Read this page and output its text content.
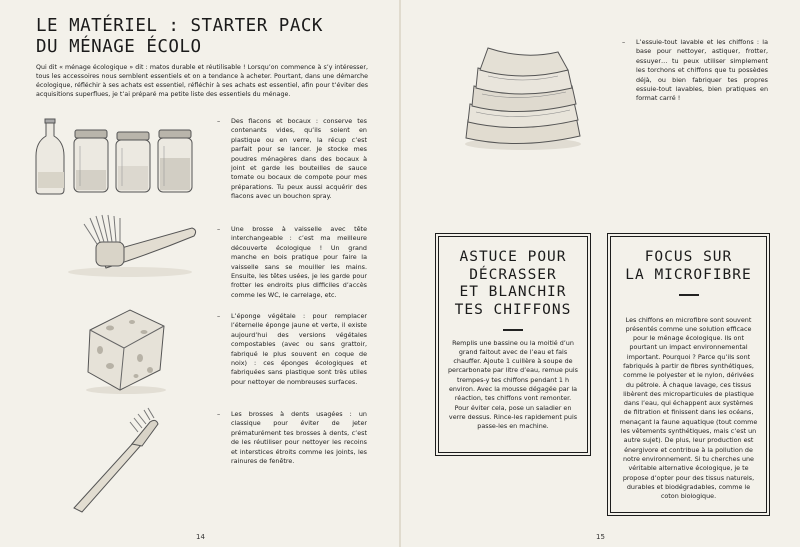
LE MATÉRIEL : STARTER PACK
DU MÉNAGE ÉCOLO
Qui dit « ménage écologique » dit : matos durable et réutilisable ! Lorsqu’on commence à s’y intéresser, tous les accessoires nous semblent essentiels et on a tendance à acheter. Pourtant, dans une démarche écologique, réfléchir à ses achats est essentiel, réfléchir à ses achats est essentiel, afin pour t’éviter des acquisitions superflues, je t’ai préparé ma petite liste des essentiels du ménage.
– Des flacons et bocaux : conserve tes contenants vides, qu’ils soient en plastique ou en verre, la récup c’est parfait pour se lancer. Je stocke mes poudres ménagères dans des bocaux à joint et garde les bouteilles de sauce tomate ou bocaux de compote pour mes préparations. Tu peux aussi acquérir des flacons avec un bouchon spray.
– Une brosse à vaisselle avec tête interchangeable : c’est ma meilleure découverte écologique ! Un grand manche en bois pratique pour faire la vaisselle sans se mouiller les mains. Ensuite, les têtes usées, je les garde pour frotter les endroits plus difficiles d’accès comme les WC, le carrelage, etc.
– L’éponge végétale : pour remplacer l’éternelle éponge jaune et verte, il existe aujourd’hui des versions végétales compostables (avec ou sans grattoir, fabriqué le plus souvent en coque de noix) : ces éponges écologiques et fabriquées sans plastique sont très utiles pour nettoyer de nombreuses surfaces.
– Les brosses à dents usagées : un classique pour éviter de jeter prématurément tes brosses à dents, c’est de les réutiliser pour nettoyer les recoins et interstices étroits comme les joints, les rainures de fenêtre.
14
– L’essuie-tout lavable et les chiffons : la base pour nettoyer, astiquer, frotter, essuyer… tu peux utiliser simplement les torchons et chiffons que tu possèdes déjà, ou bien fabriquer tes propres essuie-tout lavables, bien pratiques en format carré !
ASTUCE POUR
DÉCRASSER
ET BLANCHIR
TES CHIFFONS

Remplis une bassine ou la moitié d’un grand faitout avec de l’eau et fais chauffer. Ajoute 1 cuillère à soupe de percarbonate par litre d’eau, remue puis trempes-y tes chiffons pendant 1 h environ. Avec la mousse dégagée par la réaction, tes chiffons vont remonter. Pour éviter cela, pose un saladier en verre dessus. Rince-les rapidement puis passe-les en machine.

FOCUS SUR
LA MICROFIBRE

Les chiffons en microfibre sont souvent présentés comme une solution efficace pour le ménage écologique. Ils ont pourtant un impact environnemental important. Pourquoi ? Parce qu’ils sont fabriqués à partir de fibres synthétiques, comme le polyester et le nylon, dérivées du pétrole. À chaque lavage, ces tissus libèrent des microparticules de plastique dans l’eau, qui échappent aux systèmes de filtration et finissent dans les océans, menaçant la faune aquatique (tout comme les vêtements synthétiques, mais c’est un autre sujet). De plus, leur production est énergivore et contribue à la pollution de notre environnement. Si tu cherches une véritable alternative écologique, je te propose d’opter pour des tissus naturels, durables et biodégradables, comme le coton biologique.

15
